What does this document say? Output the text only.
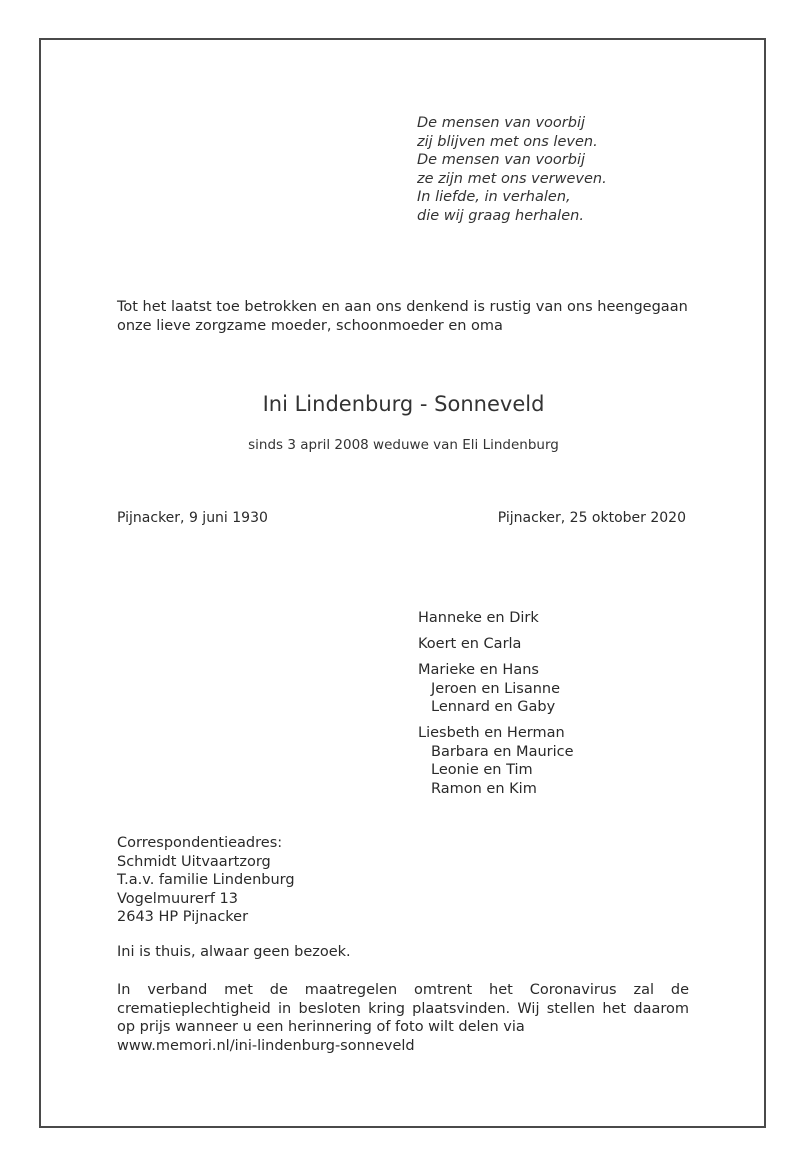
De mensen van voorbij
zij blijven met ons leven.
De mensen van voorbij
ze zijn met ons verweven.
In liefde, in verhalen,
die wij graag herhalen.
Tot het laatst toe betrokken en aan ons denkend is rustig van ons heengegaan
onze lieve zorgzame moeder, schoonmoeder en oma
Ini Lindenburg - Sonneveld
sinds 3 april 2008 weduwe van Eli Lindenburg
Pijnacker, 9 juni 1930	Pijnacker, 25 oktober 2020
Hanneke en Dirk
Koert en Carla
Marieke en Hans
Jeroen en Lisanne
Lennard en Gaby
Liesbeth en Herman
Barbara en Maurice
Leonie en Tim
Ramon en Kim
Correspondentieadres:
Schmidt Uitvaartzorg
T.a.v. familie Lindenburg
Vogelmuurerf 13
2643 HP Pijnacker
Ini is thuis, alwaar geen bezoek.
In verband met de maatregelen omtrent het Coronavirus zal de
crematieplechtigheid in besloten kring plaatsvinden. Wij stellen het daarom
op prijs wanneer u een herinnering of foto wilt delen via
www.memori.nl/ini-lindenburg-sonneveld
